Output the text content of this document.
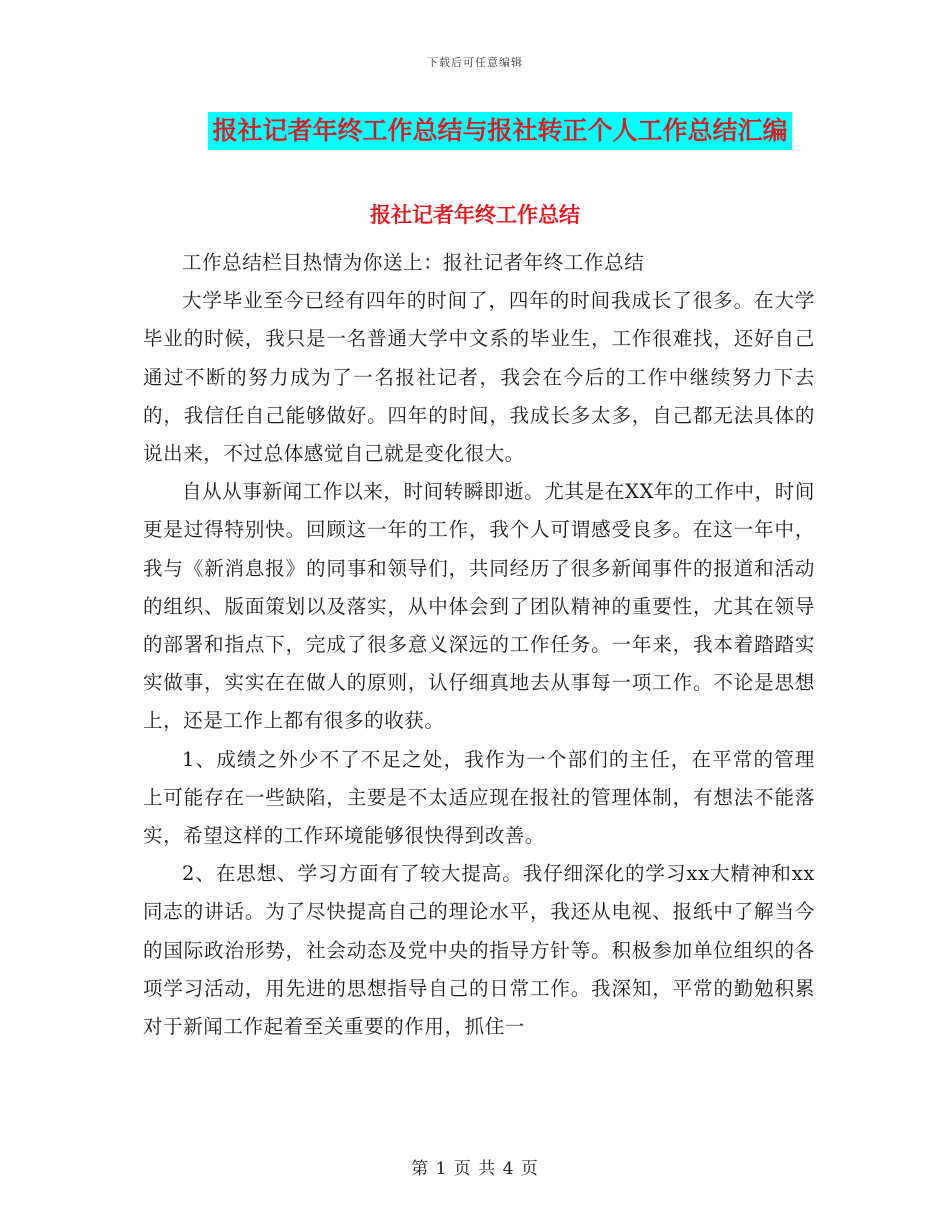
下载后可任意编辑
报社记者年终工作总结与报社转正个人工作总结汇编
报社记者年终工作总结

工作总结栏目热情为你送上：报社记者年终工作总结

大学毕业至今已经有四年的时间了，四年的时间我成长了很多。在大学毕业的时候，我只是一名普通大学中文系的毕业生，工作很难找，还好自己通过不断的努力成为了一名报社记者，我会在今后的工作中继续努力下去的，我信任自己能够做好。四年的时间，我成长多太多，自己都无法具体的说出来，不过总体感觉自己就是变化很大。

自从从事新闻工作以来，时间转瞬即逝。尤其是在XX年的工作中，时间更是过得特别快。回顾这一年的工作，我个人可谓感受良多。在这一年中，我与《新消息报》的同事和领导们，共同经历了很多新闻事件的报道和活动的组织、版面策划以及落实，从中体会到了团队精神的重要性，尤其在领导的部署和指点下，完成了很多意义深远的工作任务。一年来，我本着踏踏实实做事，实实在在做人的原则，认仔细真地去从事每一项工作。不论是思想上，还是工作上都有很多的收获。

1、成绩之外少不了不足之处，我作为一个部们的主任，在平常的管理上可能存在一些缺陷，主要是不太适应现在报社的管理体制，有想法不能落实，希望这样的工作环境能够很快得到改善。

2、在思想、学习方面有了较大提高。我仔细深化的学习xx大精神和xx同志的讲话。为了尽快提高自己的理论水平，我还从电视、报纸中了解当今的国际政治形势，社会动态及党中央的指导方针等。积极参加单位组织的各项学习活动，用先进的思想指导自己的日常工作。我深知，平常的勤勉积累对于新闻工作起着至关重要的作用，抓住一

第 1 页 共 4 页
